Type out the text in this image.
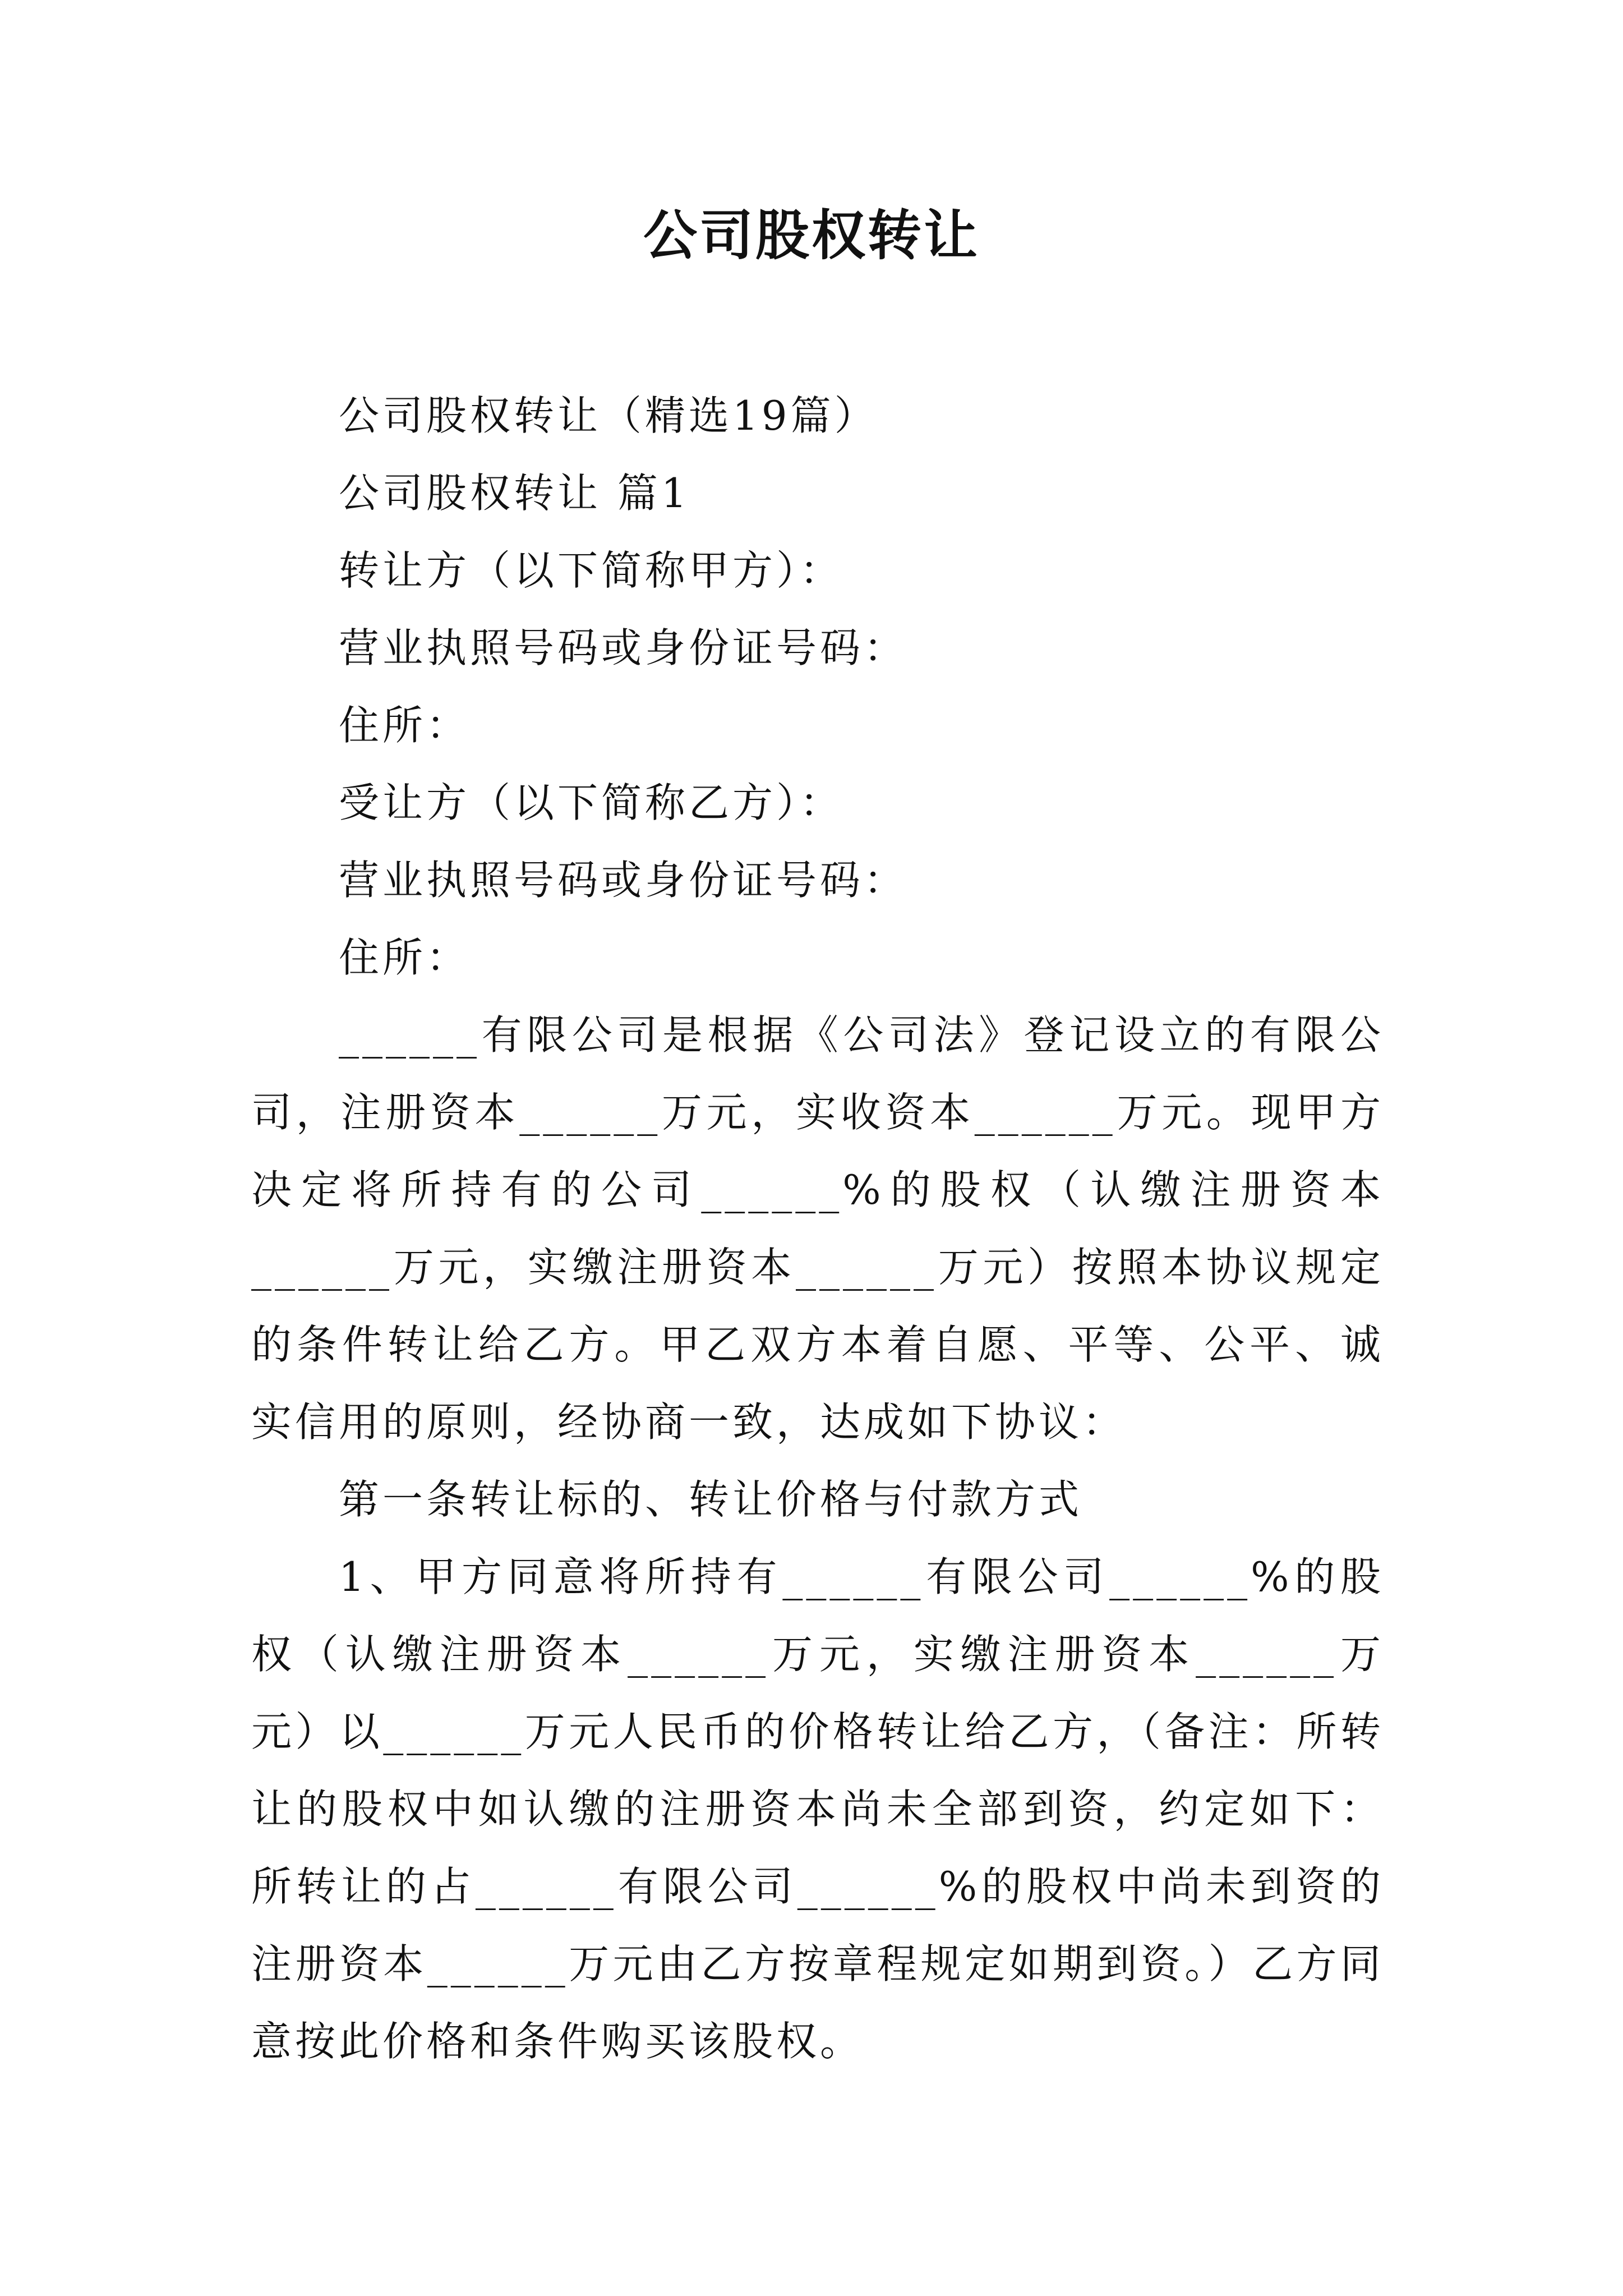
公司股权转让

公司股权转让（精选19篇）

公司股权转让 篇1

转让方（以下简称甲方）：

营业执照号码或身份证号码：

住所：

受让方（以下简称乙方）：

营业执照号码或身份证号码：

住所：

______有限公司是根据《公司法》登记设立的有限公司，注册资本______万元，实收资本______万元。现甲方决定将所持有的公司______%的股权（认缴注册资本______万元，实缴注册资本______万元）按照本协议规定的条件转让给乙方。甲乙双方本着自愿、平等、公平、诚实信用的原则，经协商一致，达成如下协议：

第一条转让标的、转让价格与付款方式

1、甲方同意将所持有______有限公司______%的股权（认缴注册资本______万元，实缴注册资本______万元）以______万元人民币的价格转让给乙方，（备注：所转让的股权中如认缴的注册资本尚未全部到资，约定如下：所转让的占______有限公司______%的股权中尚未到资的注册资本______万元由乙方按章程规定如期到资。）乙方同意按此价格和条件购买该股权。
